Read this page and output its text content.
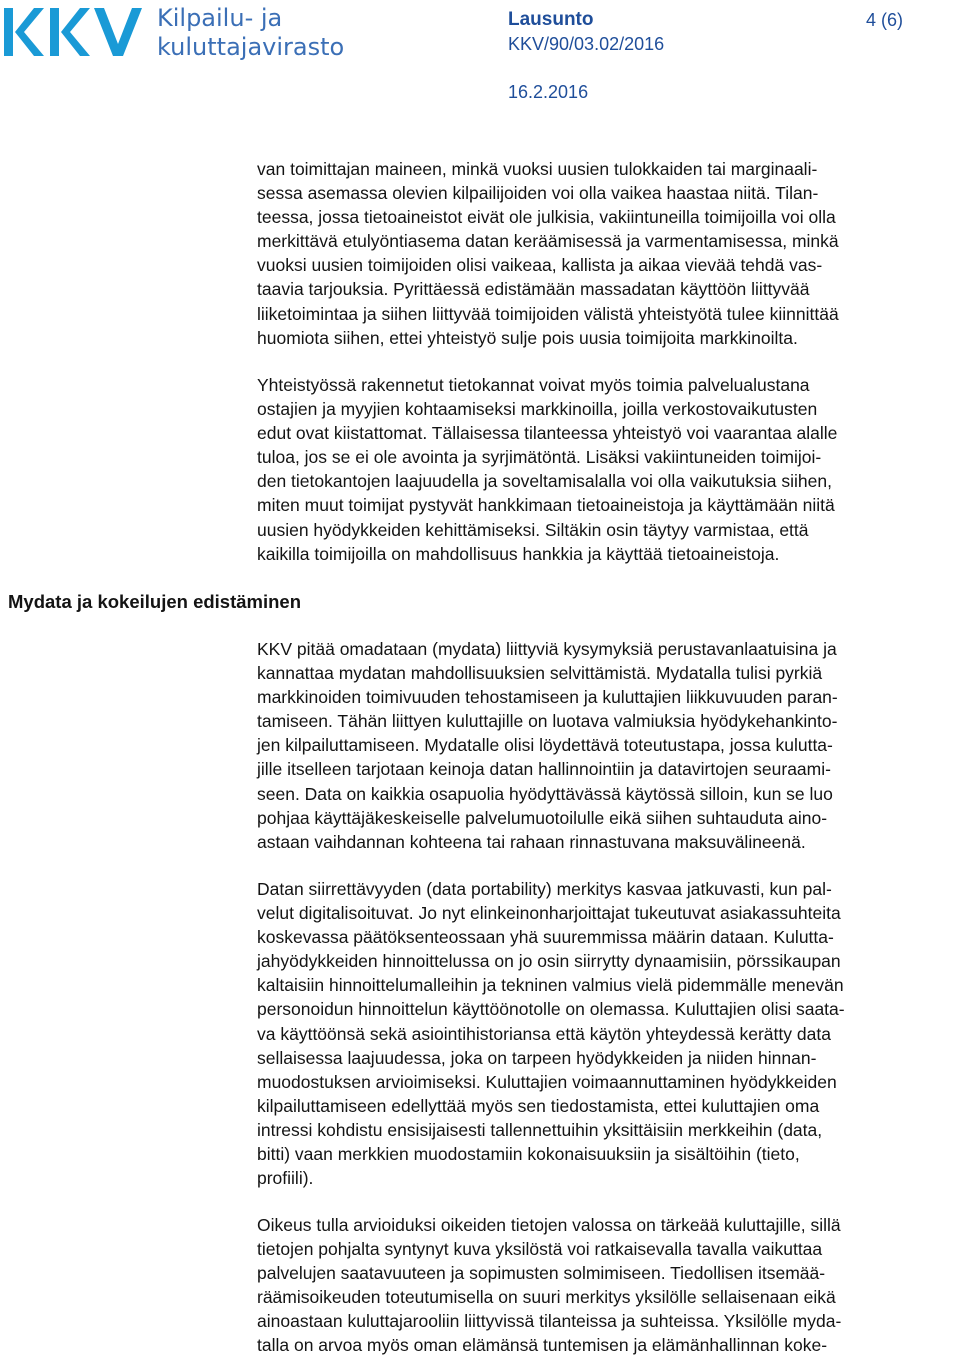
Kilpailu- ja
kuluttajavirasto
Lausunto
KKV/90/03.02/2016
16.2.2016
4 (6)
Mydata ja kokeilujen edistäminen
van toimittajan maineen, minkä vuoksi uusien tulokkaiden tai marginaali-
sessa asemassa olevien kilpailijoiden voi olla vaikea haastaa niitä. Tilan-
teessa, jossa tietoaineistot eivät ole julkisia, vakiintuneilla toimijoilla voi olla
merkittävä etulyöntiasema datan keräämisessä ja varmentamisessa, minkä
vuoksi uusien toimijoiden olisi vaikeaa, kallista ja aikaa vievää tehdä vas-
taavia tarjouksia. Pyrittäessä edistämään massadatan käyttöön liittyvää
liiketoimintaa ja siihen liittyvää toimijoiden välistä yhteistyötä tulee kiinnittää
huomiota siihen, ettei yhteistyö sulje pois uusia toimijoita markkinoilta.
Yhteistyössä rakennetut tietokannat voivat myös toimia palvelualustana
ostajien ja myyjien kohtaamiseksi markkinoilla, joilla verkostovaikutusten
edut ovat kiistattomat. Tällaisessa tilanteessa yhteistyö voi vaarantaa alalle
tuloa, jos se ei ole avointa ja syrjimätöntä. Lisäksi vakiintuneiden toimijoi-
den tietokantojen laajuudella ja soveltamisalalla voi olla vaikutuksia siihen,
miten muut toimijat pystyvät hankkimaan tietoaineistoja ja käyttämään niitä
uusien hyödykkeiden kehittämiseksi. Siltäkin osin täytyy varmistaa, että
kaikilla toimijoilla on mahdollisuus hankkia ja käyttää tietoaineistoja.
KKV pitää omadataan (mydata) liittyviä kysymyksiä perustavanlaatuisina ja
kannattaa mydatan mahdollisuuksien selvittämistä. Mydatalla tulisi pyrkiä
markkinoiden toimivuuden tehostamiseen ja kuluttajien liikkuvuuden paran-
tamiseen. Tähän liittyen kuluttajille on luotava valmiuksia hyödykehankinto-
jen kilpailuttamiseen. Mydatalle olisi löydettävä toteutustapa, jossa kulutta-
jille itselleen tarjotaan keinoja datan hallinnointiin ja datavirtojen seuraami-
seen. Data on kaikkia osapuolia hyödyttävässä käytössä silloin, kun se luo
pohjaa käyttäjäkeskeiselle palvelumuotoilulle eikä siihen suhtauduta aino-
astaan vaihdannan kohteena tai rahaan rinnastuvana maksuvälineenä.
Datan siirrettävyyden (data portability) merkitys kasvaa jatkuvasti, kun pal-
velut digitalisoituvat. Jo nyt elinkeinonharjoittajat tukeutuvat asiakassuhteita
koskevassa päätöksenteossaan yhä suuremmissa määrin dataan. Kulutta-
jahyödykkeiden hinnoittelussa on jo osin siirrytty dynaamisiin, pörssikaupan
kaltaisiin hinnoittelumalleihin ja tekninen valmius vielä pidemmälle menevän
personoidun hinnoittelun käyttöönotolle on olemassa. Kuluttajien olisi saata-
va käyttöönsä sekä asiointihistoriansa että käytön yhteydessä kerätty data
sellaisessa laajuudessa, joka on tarpeen hyödykkeiden ja niiden hinnan-
muodostuksen arvioimiseksi. Kuluttajien voimaannuttaminen hyödykkeiden
kilpailuttamiseen edellyttää myös sen tiedostamista, ettei kuluttajien oma
intressi kohdistu ensisijaisesti tallennettuihin yksittäisiin merkkeihin (data,
bitti) vaan merkkien muodostamiin kokonaisuuksiin ja sisältöihin (tieto,
profiili).
Oikeus tulla arvioiduksi oikeiden tietojen valossa on tärkeää kuluttajille, sillä
tietojen pohjalta syntynyt kuva yksilöstä voi ratkaisevalla tavalla vaikuttaa
palvelujen saatavuuteen ja sopimusten solmimiseen. Tiedollisen itsemää-
räämisoikeuden toteutumisella on suuri merkitys yksilölle sellaisenaan eikä
ainoastaan kuluttajarooliin liittyvissä tilanteissa ja suhteissa. Yksilölle myda-
talla on arvoa myös oman elämänsä tuntemisen ja elämänhallinnan koke-
